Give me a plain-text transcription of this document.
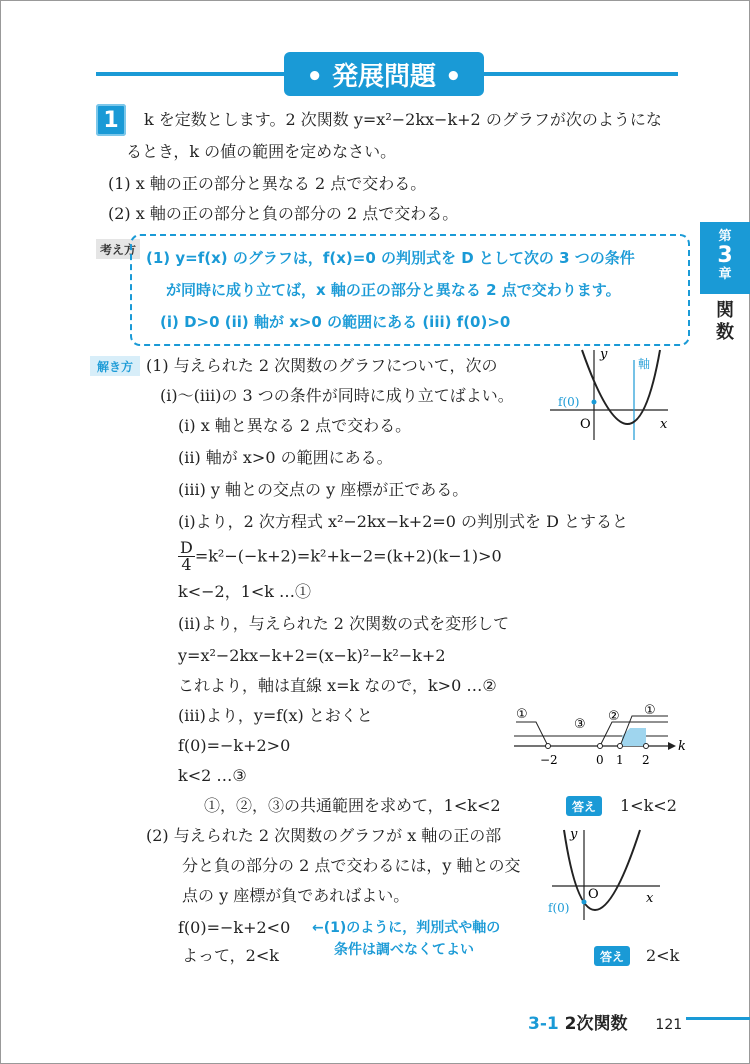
• 発展問題 •
第
3
章
関
数
1	k を定数とします。2 次関数 y=x²−2kx−k+2 のグラフが次のようにな
るとき，k の値の範囲を定めなさい。
(1) x 軸の正の部分と異なる 2 点で交わる。
(2) x 軸の正の部分と負の部分の 2 点で交わる。
考え方 (1) y=f(x) のグラフは，f(x)=0 の判別式を D として次の 3 つの条件
が同時に成り立てば，x 軸の正の部分と異なる 2 点で交わります。
(i) D>0 (ii) 軸が x>0 の範囲にある (iii) f(0)>0
解き方 (1) 与えられた 2 次関数のグラフについて，次の
(i)〜(iii)の 3 つの条件が同時に成り立てばよい。
(i) x 軸と異なる 2 点で交わる。
(ii) 軸が x>0 の範囲にある。
(iii) y 軸との交点の y 座標が正である。
(i)より，2 次方程式 x²−2kx−k+2=0 の判別式を D とすると
$\frac{D}{4} =k^2-(-k+2)=k^2+k-2=(k+2)(k-1)>0$
k<−2，1<k …①
(ii)より，与えられた 2 次関数の式を変形して
y=x²−2kx−k+2=(x−k)²−k²−k+2
これより，軸は直線 x=k なので，k>0 …②
(iii)より，y=f(x) とおくと
f(0)=−k+2>0
k<2 …③
①，②，③の共通範囲を求めて，1<k<2	答え	1<k<2
(2) 与えられた 2 次関数のグラフが x 軸の正の部
分と負の部分の 2 点で交わるには，y 軸との交
点の y 座標が負であればよい。
f(0)=−k+2<0 ←(1)のように，判別式や軸の
条件は調べなくてよい
よって，2<k	答え	2<k
y
軸
f(0)
O	x
①
③
② ①
−2	0 1 2
k
y
O	x
f(0)
3-1 2次関数 121
